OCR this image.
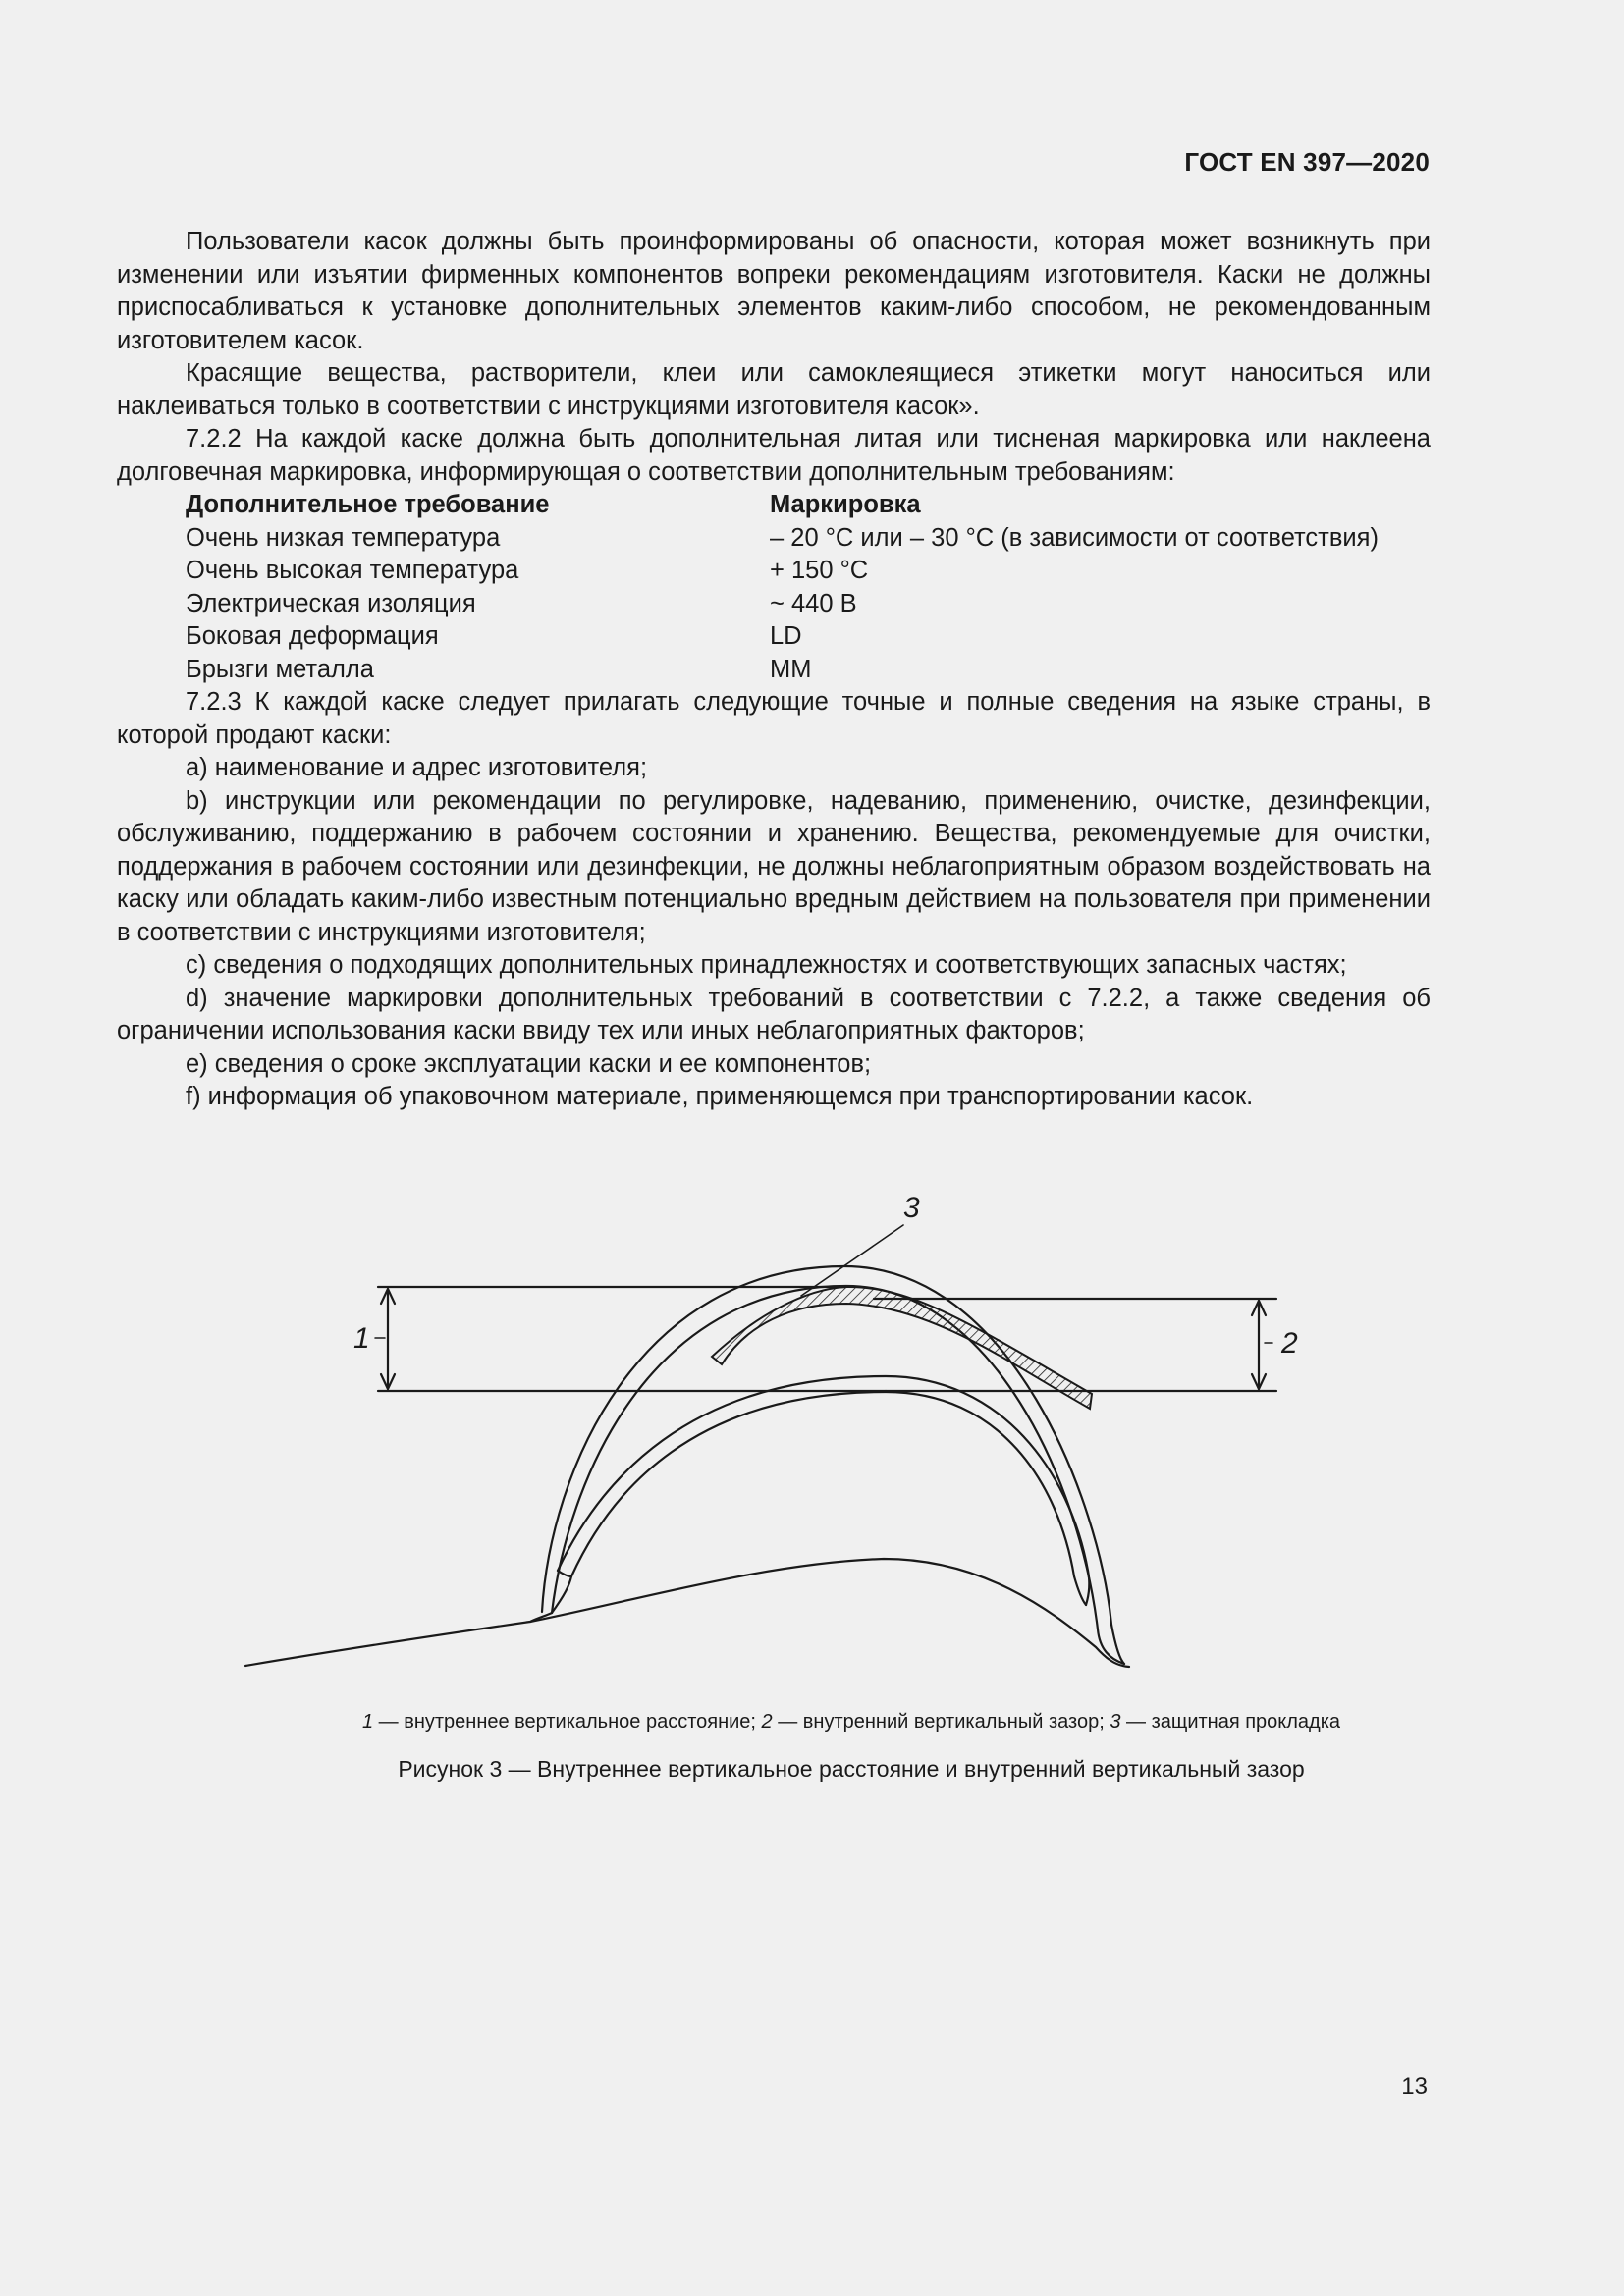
ГОСТ EN 397—2020

Пользователи касок должны быть проинформированы об опасности, которая может возникнуть при изменении или изъятии фирменных компонентов вопреки рекомендациям изготовителя. Каски не должны приспосабливаться к установке дополнительных элементов каким-либо способом, не рекомендованным изготовителем касок.

Красящие вещества, растворители, клеи или самоклеящиеся этикетки могут наноситься или наклеиваться только в соответствии с инструкциями изготовителя касок».

7.2.2 На каждой каске должна быть дополнительная литая или тисненая маркировка или наклеена долговечная маркировка, информирующая о соответствии дополнительным требованиям:

Дополнительное требование	Маркировка
Очень низкая температура	– 20 °C или – 30 °C (в зависимости от соответствия)
Очень высокая температура	+ 150 °C
Электрическая изоляция	~ 440 В
Боковая деформация	LD
Брызги металла	MM

7.2.3 К каждой каске следует прилагать следующие точные и полные сведения на языке страны, в которой продают каски:

а) наименование и адрес изготовителя;

b) инструкции или рекомендации по регулировке, надеванию, применению, очистке, дезинфекции, обслуживанию, поддержанию в рабочем состоянии и хранению. Вещества, рекомендуемые для очистки, поддержания в рабочем состоянии или дезинфекции, не должны неблагоприятным образом воздействовать на каску или обладать каким-либо известным потенциально вредным действием на пользователя при применении в соответствии с инструкциями изготовителя;

c) сведения о подходящих дополнительных принадлежностях и соответствующих запасных частях;

d) значение маркировки дополнительных требований в соответствии с 7.2.2, а также сведения об ограничении использования каски ввиду тех или иных неблагоприятных факторов;

e) сведения о сроке эксплуатации каски и ее компонентов;

f) информация об упаковочном материале, применяющемся при транспортировании касок.

1	2
3
1 — внутреннее вертикальное расстояние; 2 — внутренний вертикальный зазор; 3 — защитная прокладка
Рисунок 3 — Внутреннее вертикальное расстояние и внутренний вертикальный зазор
13
